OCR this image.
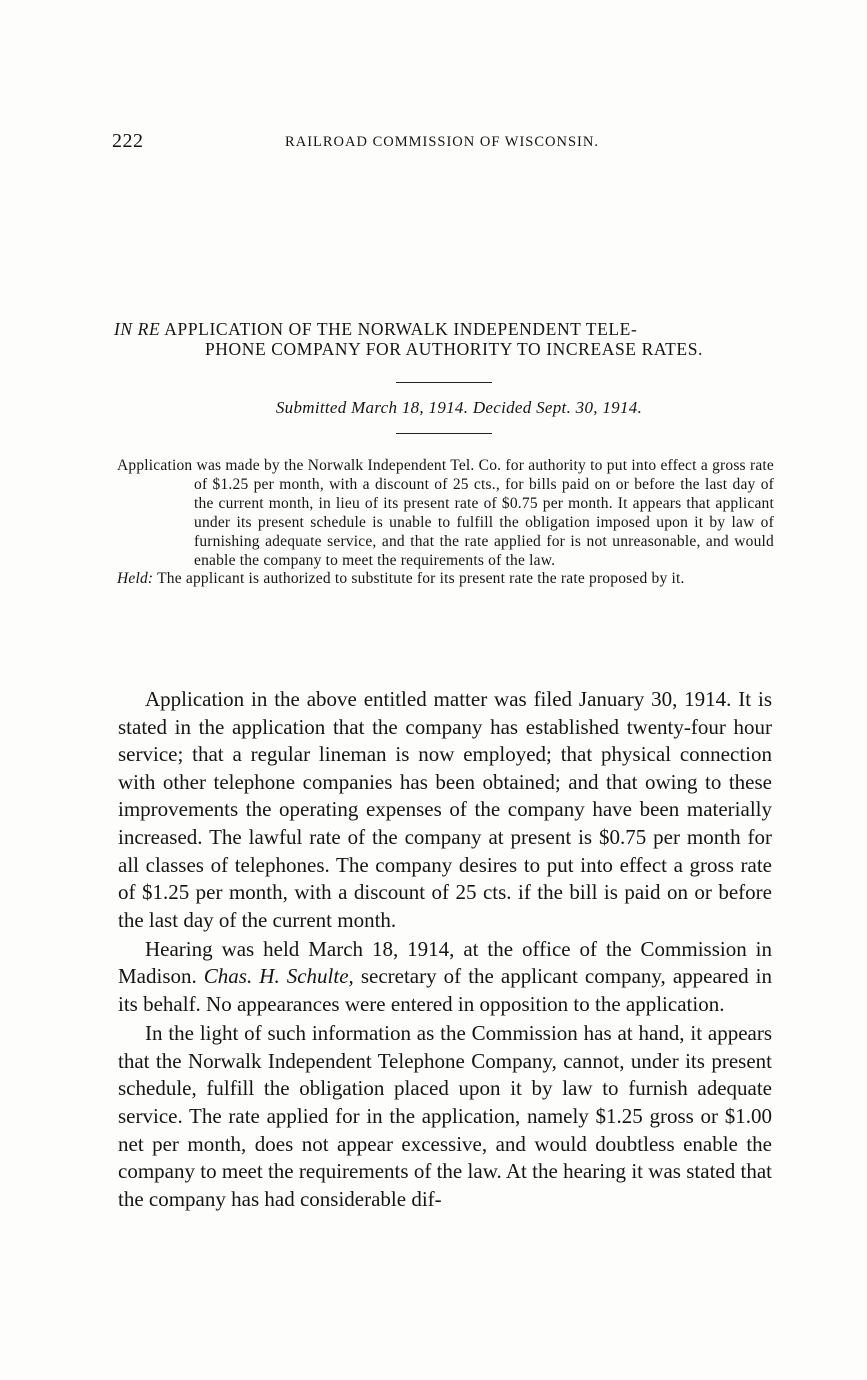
222	RAILROAD COMMISSION OF WISCONSIN.
IN RE APPLICATION OF THE NORWALK INDEPENDENT TELE-
PHONE COMPANY FOR AUTHORITY TO INCREASE RATES.
Submitted March 18, 1914. Decided Sept. 30, 1914.
Application was made by the Norwalk Independent Tel. Co. for authority to put into effect a gross rate of $1.25 per month, with a discount of 25 cts., for bills paid on or before the last day of the current month, in lieu of its present rate of $0.75 per month. It appears that applicant under its present schedule is unable to fulfill the obligation imposed upon it by law of furnishing adequate service, and that the rate applied for is not unreasonable, and would enable the company to meet the requirements of the law.
Held: The applicant is authorized to substitute for its present rate the rate proposed by it.

Application in the above entitled matter was filed January 30, 1914. It is stated in the application that the company has established twenty-four hour service; that a regular lineman is now employed; that physical connection with other telephone companies has been obtained; and that owing to these improvements the operating expenses of the company have been materially increased. The lawful rate of the company at present is $0.75 per month for all classes of telephones. The company desires to put into effect a gross rate of $1.25 per month, with a discount of 25 cts. if the bill is paid on or before the last day of the current month.

Hearing was held March 18, 1914, at the office of the Commission in Madison. Chas. H. Schulte, secretary of the applicant company, appeared in its behalf. No appearances were entered in opposition to the application.

In the light of such information as the Commission has at hand, it appears that the Norwalk Independent Telephone Company, cannot, under its present schedule, fulfill the obligation placed upon it by law to furnish adequate service. The rate applied for in the application, namely $1.25 gross or $1.00 net per month, does not appear excessive, and would doubtless enable the company to meet the requirements of the law. At the hearing it was stated that the company has had considerable dif-
